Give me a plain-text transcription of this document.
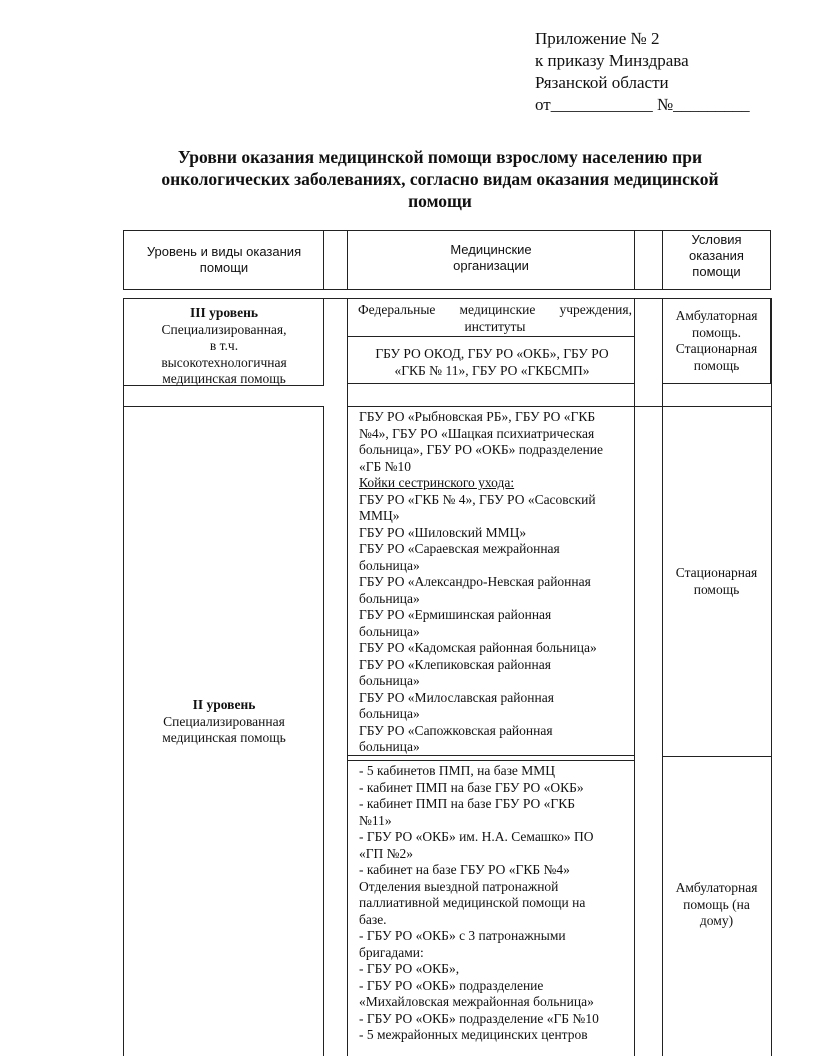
Приложение № 2
к приказу Минздрава
Рязанской области
от____________ №_________
Уровни оказания медицинской помощи взрослому населению при
онкологических заболеваниях, согласно видам оказания медицинской
помощи
Уровень и виды оказания
помощи
Медицинские
организации
Условия
оказания
помощи
III уровень
Специализированная,
в т.ч.
высокотехнологичная
медицинская помощь
Федеральные медицинские учреждения,
институты
ГБУ РО ОКОД, ГБУ РО «ОКБ», ГБУ РО
«ГКБ № 11», ГБУ РО «ГКБСМП»
Амбулаторная
помощь.
Стационарная
помощь
II уровень
Специализированная
медицинская помощь
ГБУ РО «Рыбновская РБ», ГБУ РО «ГКБ
№4», ГБУ РО «Шацкая психиатрическая
больница», ГБУ РО «ОКБ» подразделение
«ГБ №10
Койки сестринского ухода:
ГБУ РО «ГКБ № 4», ГБУ РО «Сасовский
ММЦ»
ГБУ РО «Шиловский ММЦ»
ГБУ РО «Сараевская межрайонная
больница»
ГБУ РО «Александро-Невская районная
больница»
ГБУ РО «Ермишинская районная
больница»
ГБУ РО «Кадомская районная больница»
ГБУ РО «Клепиковская районная
больница»
ГБУ РО «Милославская районная
больница»
ГБУ РО «Сапожковская районная
больница»
Стационарная
помощь
- 5 кабинетов ПМП, на базе ММЦ
- кабинет ПМП на базе ГБУ РО «ОКБ»
- кабинет ПМП на базе ГБУ РО «ГКБ
№11»
- ГБУ РО «ОКБ» им. Н.А. Семашко» ПО
«ГП №2»
- кабинет на базе ГБУ РО «ГКБ №4»
Отделения выездной патронажной
паллиативной медицинской помощи на
базе.
- ГБУ РО «ОКБ» с 3 патронажными
бригадами:
- ГБУ РО «ОКБ»,
- ГБУ РО «ОКБ» подразделение
«Михайловская межрайонная больница»
- ГБУ РО «ОКБ» подразделение «ГБ №10
- 5 межрайонных медицинских центров
Амбулаторная
помощь (на
дому)
